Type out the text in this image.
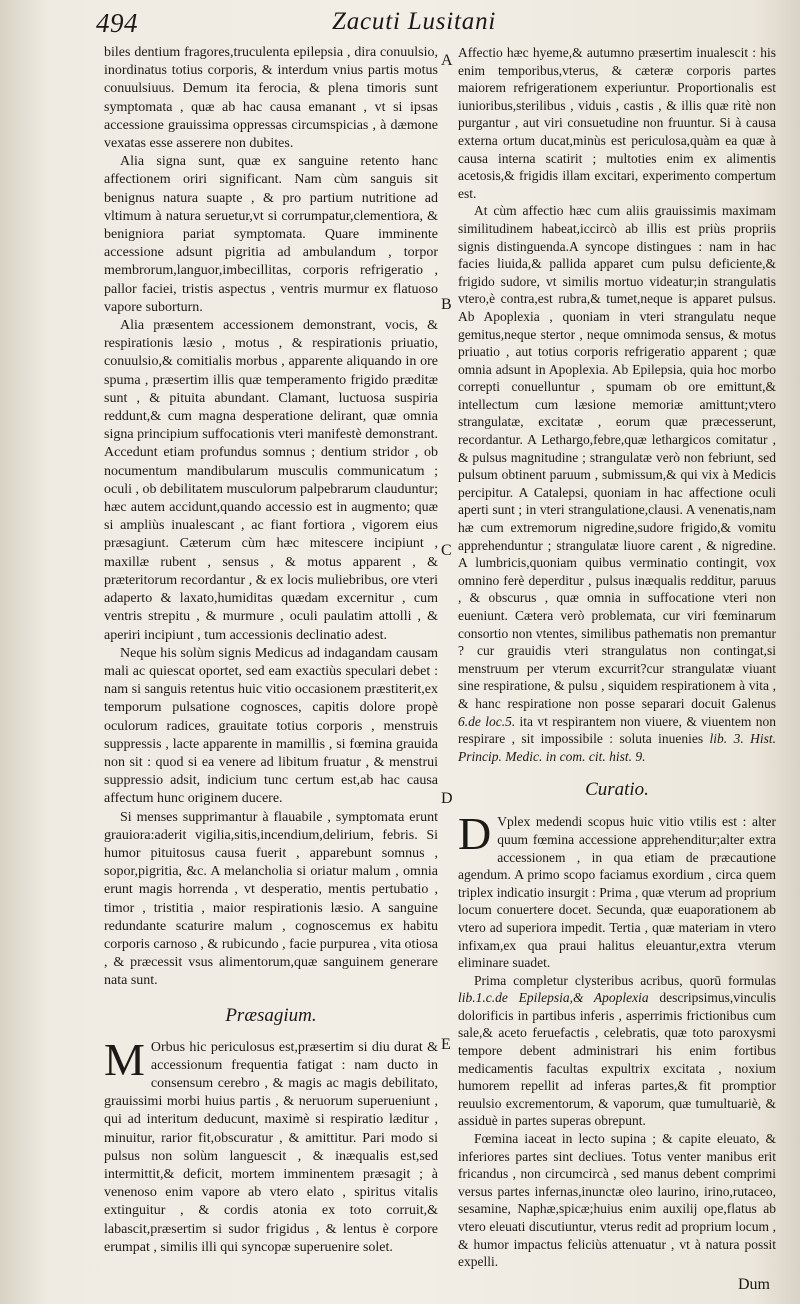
494	Zacuti Lusitani

biles dentium fragores,truculenta epilepsia , dira conuulsio, inordinatus totius corporis, & interdum vnius partis motus conuulsiuus. Demum ita ferocia, & plena timoris sunt symptomata , quæ ab hac causa emanant , vt si ipsas accessione grauissima oppressas circumspicias , à dæmone vexatas esse asserere non dubites.

Alia signa sunt, quæ ex sanguine retento hanc affectionem oriri significant. Nam cùm sanguis sit benignus natura suapte , & pro partium nutritione ad vltimum à natura seruetur,vt si corrumpatur,clementiora, & benigniora pariat symptomata. Quare imminente accessione adsunt pigritia ad ambulandum , torpor membrorum,languor,imbecillitas, corporis refrigeratio , pallor faciei, tristis aspectus , ventris murmur ex flatuoso vapore suborturn.

Alia præsentem accessionem demonstrant, vocis, & respirationis læsio , motus , & respirationis priuatio, conuulsio,& comitialis morbus , apparente aliquando in ore spuma , præsertim illis quæ temperamento frigido præditæ sunt , & pituita abundant. Clamant, luctuosa suspiria reddunt,& cum magna desperatione delirant, quæ omnia signa principium suffocationis vteri manifestè demonstrant. Accedunt etiam profundus somnus ; dentium stridor , ob nocumentum mandibularum musculis communicatum ; oculi , ob debilitatem musculorum palpebrarum clauduntur; hæc autem accidunt,quando accessio est in augmento; quæ si ampliùs inualescant , ac fiant fortiora , vigorem eius præsagiunt. Cæterum cùm hæc mitescere incipiunt , maxillæ rubent , sensus , & motus apparent , & præteritorum recordantur , & ex locis muliebribus, ore vteri adaperto & laxato,humiditas quædam excernitur , cum ventris strepitu , & murmure , oculi paulatim attolli , & aperiri incipiunt , tum accessionis declinatio adest.

Neque his solùm signis Medicus ad indagandam causam mali ac quiescat oportet, sed eam exactiùs speculari debet : nam si sanguis retentus huic vitio occasionem præstiterit,ex temporum pulsatione cognosces, capitis dolore propè oculorum radices, grauitate totius corporis , menstruis suppressis , lacte apparente in mamillis , si fœmina grauida non sit : quod si ea venere ad libitum fruatur , & menstrui suppressio adsit, indicium tunc certum est,ab hac causa affectum hunc originem ducere.

Si menses supprimantur à flauabile , symptomata erunt grauiora:aderit vigilia,sitis,incendium,delirium, febris. Si humor pituitosus causa fuerit , apparebunt somnus , sopor,pigritia, &c. A melancholia si oriatur malum , omnia erunt magis horrenda , vt desperatio, mentis pertubatio , timor , tristitia , maior respirationis læsio. A sanguine redundante scaturire malum , cognoscemus ex habitu corporis carnoso , & rubicundo , facie purpurea , vita otiosa , & præcessit vsus alimentorum,quæ sanguinem generare nata sunt.

Præsagium.

M Orbus hic periculosus est,præsertim si diu durat & accessionum frequentia fatigat : nam ducto in consensum cerebro , & magis ac magis debilitato, grauissimi morbi huius partis , & neruorum superueniunt , qui ad interitum deducunt, maximè si respiratio læditur , minuitur, rarior fit,obscuratur , & amittitur. Pari modo si pulsus non solùm languescit , & inæqualis est,sed intermittit,& deficit, mortem imminentem præsagit ; à venenoso enim vapore ab vtero elato , spiritus vitalis extinguitur , & cordis atonia ex toto corruit,& labascit,præsertim si sudor frigidus , & lentus è corpore erumpat , similis illi qui syncopæ superuenire solet.

Affectio hæc hyeme,& autumno præsertim inualescit : his enim temporibus,vterus, & cæteræ corporis partes maiorem refrigerationem experiuntur. Proportionalis est iunioribus,sterilibus , viduis , castis , & illis quæ ritè non purgantur , aut viri consuetudine non fruuntur. Si à causa externa ortum ducat,minùs est periculosa,quàm ea quæ à causa interna scatirit ; multoties enim ex alimentis acetosis,& frigidis illam excitari, experimento compertum est.

At cùm affectio hæc cum aliis grauissimis maximam similitudinem habeat,iccircò ab illis est priùs propriis signis distinguenda.A syncope distingues : nam in hac facies liuida,& pallida apparet cum pulsu deficiente,& frigido sudore, vt similis mortuo videatur;in strangulatis vtero,è contra,est rubra,& tumet,neque is apparet pulsus. Ab Apoplexia , quoniam in vteri strangulatu neque gemitus,neque stertor , neque omnimoda sensus, & motus priuatio , aut totius corporis refrigeratio apparent ; quæ omnia adsunt in Apoplexia. Ab Epilepsia, quia hoc morbo correpti conuelluntur , spumam ob ore emittunt,& intellectum cum læsione memoriæ amittunt;vtero strangulatæ, excitatæ , eorum quæ præcesserunt, recordantur. A Lethargo,febre,quæ lethargicos comitatur , & pulsus magnitudine ; strangulatæ verò non febriunt, sed pulsum obtinent paruum , submissum,& qui vix à Medicis percipitur. A Catalepsi, quoniam in hac affectione oculi aperti sunt ; in vteri strangulatione,clausi. A venenatis,nam hæ cum extremorum nigredine,sudore frigido,& vomitu apprehenduntur ; strangulatæ liuore carent , & nigredine. A lumbricis,quoniam quibus verminatio contingit, vox omnino ferè deperditur , pulsus inæqualis redditur, paruus , & obscurus , quæ omnia in suffocatione vteri non eueniunt. Cætera verò problemata, cur viri fœminarum consortio non vtentes, similibus pathematis non premantur ? cur grauidis vteri strangulatus non contingat,si menstruum per vterum excurrit?cur strangulatæ viuant sine respiratione, & pulsu , siquidem respirationem à vita , & hanc respiratione non posse separari docuit Galenus 6.de loc.5. ita vt respirantem non viuere, & viuentem non respirare , sit impossibile : soluta inuenies lib. 3. Hist. Princip. Medic. in com. cit. hist. 9.

Curatio.

D Vplex medendi scopus huic vitio vtilis est : alter quum fœmina accessione apprehenditur;alter extra accessionem , in qua etiam de præcautione agendum. A primo scopo faciamus exordium , circa quem triplex indicatio insurgit : Prima , quæ vterum ad proprium locum conuertere docet. Secunda, quæ euaporationem ab vtero ad superiora impedit. Tertia , quæ materiam in vtero infixam,ex qua praui halitus eleuantur,extra vterum eliminare suadet.

Prima completur clysteribus acribus, quorū formulas lib.1.c.de Epilepsia,& Apoplexia descripsimus,vinculis dolorificis in partibus inferis , asperrimis frictionibus cum sale,& aceto feruefactis , celebratis, quæ toto paroxysmi tempore debent administrari his enim fortibus medicamentis facultas expultrix excitata , noxium humorem repellit ad inferas partes,& fit promptior reuulsio excrementorum, & vaporum, quæ tumultuariè, & assiduè in partes superas obrepunt.

Fœmina iaceat in lecto supina ; & capite eleuato, & inferiores partes sint decliues. Totus venter manibus erit fricandus , non circumcircà , sed manus debent comprimi versus partes infernas,inunctæ oleo laurino, irino,rutaceo, sesamine, Naphæ,spicæ;huius enim auxilij ope,flatus ab vtero eleuati discutiuntur, vterus redit ad proprium locum , & humor impactus feliciùs attenuatur , vt à natura possit expelli.

A
B
C
D
E
Dum
